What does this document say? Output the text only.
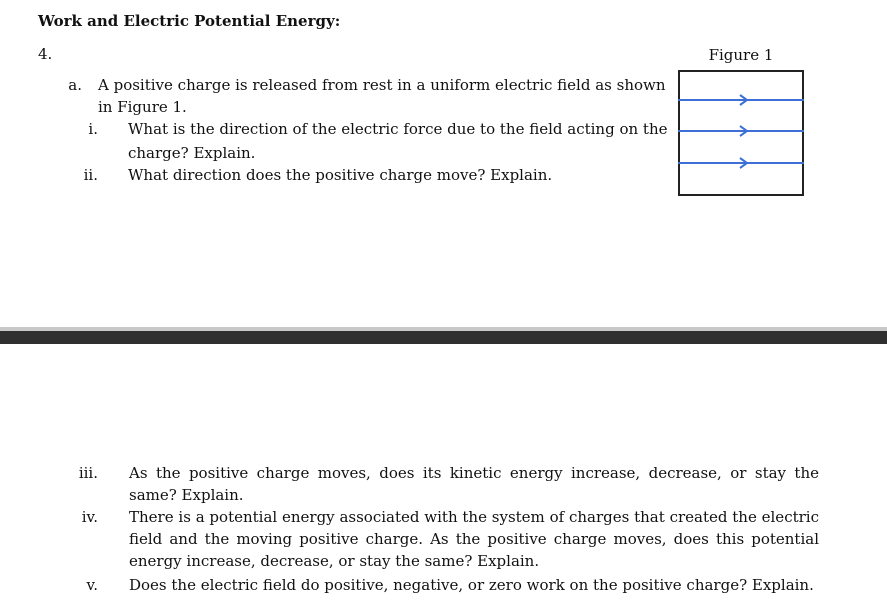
Work and Electric Potential Energy:
4.
a. A positive charge is released from rest in a uniform electric field as shown
in Figure 1.
i. What is the direction of the electric force due to the field acting on the
charge? Explain.
ii. What direction does the positive charge move? Explain.
Figure 1
iii. As the positive charge moves, does its kinetic energy increase, decrease, or stay the same? Explain.
iv. There is a potential energy associated with the system of charges that created the electric field and the moving positive charge. As the positive charge moves, does this potential energy increase, decrease, or stay the same? Explain.
v. Does the electric field do positive, negative, or zero work on the positive charge? Explain.
